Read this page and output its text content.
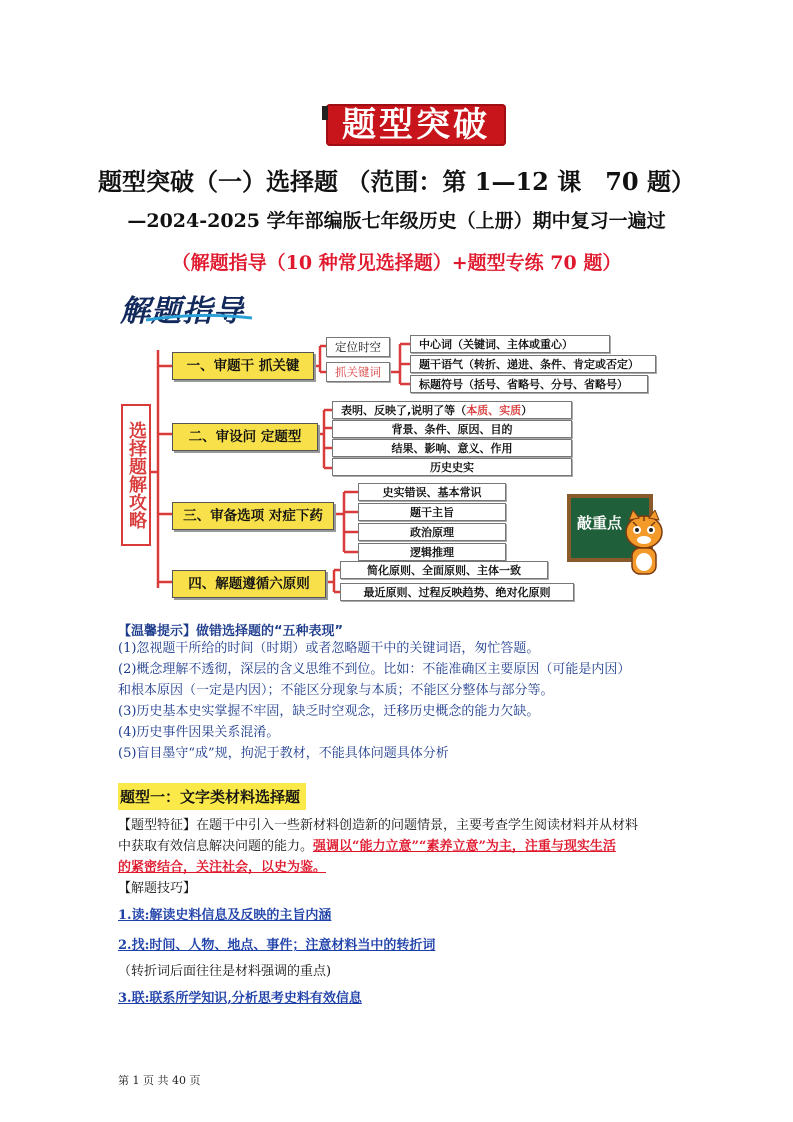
题型突破
题型突破（一）选择题 （范围：第 1—12 课　70 题）
—2024-2025 学年部编版七年级历史（上册）期中复习一遍过
（解题指导（10 种常见选择题）+题型专练 70 题）
解题指导
选择题解攻略
一、审题干 抓关键
定位时空
抓关键词
中心词（关键词、主体或重心）
题干语气（转折、递进、条件、肯定或否定）
标题符号（括号、省略号、分号、省略号）
二、审设问 定题型
表明、反映了,说明了等（本质、实质）
背景、条件、原因、目的
结果、影响、意义、作用
历史史实
三、审备选项 对症下药
史实错误、基本常识
题干主旨
政治原理
逻辑推理
四、解题遵循六原则
简化原则、全面原则、主体一致
最近原则、过程反映趋势、绝对化原则
敲重点
【温馨提示】做错选择题的“五种表现”
(1)忽视题干所给的时间（时期）或者忽略题干中的关键词语，匆忙答题。
(2)概念理解不透彻，深层的含义思维不到位。比如：不能准确区主要原因（可能是内因）
和根本原因（一定是内因）；不能区分现象与本质；不能区分整体与部分等。
(3)历史基本史实掌握不牢固，缺乏时空观念，迁移历史概念的能力欠缺。
(4)历史事件因果关系混淆。
(5)盲目墨守“成”规，拘泥于教材，不能具体问题具体分析
题型一：文字类材料选择题
【题型特征】在题干中引入一些新材料创造新的问题情景，主要考查学生阅读材料并从材料
中获取有效信息解决问题的能力。强调以“能力立意”“素养立意”为主，注重与现实生活
的紧密结合，关注社会，以史为鉴。
【解题技巧】
1.读:解读史料信息及反映的主旨内涵
2.找:时间、人物、地点、事件；注意材料当中的转折词
（转折词后面往往是材料强调的重点)
3.联:联系所学知识,分析思考史料有效信息
第 1 页 共 40 页
